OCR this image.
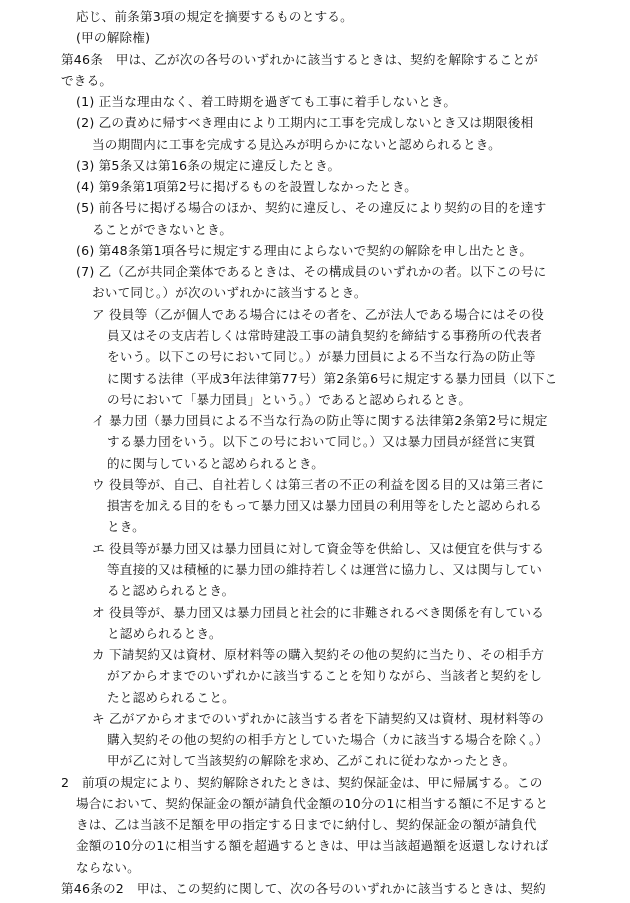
応じ、前条第3項の規定を摘要するものとする。
(甲の解除権)
第46条　甲は、乙が次の各号のいずれかに該当するときは、契約を解除することが
できる。
(1) 正当な理由なく、着工時期を過ぎても工事に着手しないとき。
(2) 乙の責めに帰すべき理由により工期内に工事を完成しないとき又は期限後相
当の期間内に工事を完成する見込みが明らかにないと認められるとき。
(3) 第5条又は第16条の規定に違反したとき。
(4) 第9条第1項第2号に掲げるものを設置しなかったとき。
(5) 前各号に掲げる場合のほか、契約に違反し、その違反により契約の目的を達す
ることができないとき。
(6) 第48条第1項各号に規定する理由によらないで契約の解除を申し出たとき。
(7) 乙（乙が共同企業体であるときは、その構成員のいずれかの者。以下この号に
おいて同じ。）が次のいずれかに該当するとき。
ア 役員等（乙が個人である場合にはその者を、乙が法人である場合にはその役
員又はその支店若しくは常時建設工事の請負契約を締結する事務所の代表者
をいう。以下この号において同じ。）が暴力団員による不当な行為の防止等
に関する法律（平成3年法律第77号）第2条第6号に規定する暴力団員（以下こ
の号において「暴力団員」という。）であると認められるとき。
イ 暴力団（暴力団員による不当な行為の防止等に関する法律第2条第2号に規定
する暴力団をいう。以下この号において同じ。）又は暴力団員が経営に実質
的に関与していると認められるとき。
ウ 役員等が、自己、自社若しくは第三者の不正の利益を図る目的又は第三者に
損害を加える目的をもって暴力団又は暴力団員の利用等をしたと認められる
とき。
エ 役員等が暴力団又は暴力団員に対して資金等を供給し、又は便宜を供与する
等直接的又は積極的に暴力団の維持若しくは運営に協力し、又は関与してい
ると認められるとき。
オ 役員等が、暴力団又は暴力団員と社会的に非難されるべき関係を有している
と認められるとき。
カ 下請契約又は資材、原材料等の購入契約その他の契約に当たり、その相手方
がアからオまでのいずれかに該当することを知りながら、当該者と契約をし
たと認められること。
キ 乙がアからオまでのいずれかに該当する者を下請契約又は資材、現材料等の
購入契約その他の契約の相手方としていた場合（カに該当する場合を除く。）
甲が乙に対して当該契約の解除を求め、乙がこれに従わなかったとき。
2　前項の規定により、契約解除されたときは、契約保証金は、甲に帰属する。この
場合において、契約保証金の額が請負代金額の10分の1に相当する額に不足すると
きは、乙は当該不足額を甲の指定する日までに納付し、契約保証金の額が請負代
金額の10分の1に相当する額を超過するときは、甲は当該超過額を返還しなければ
ならない。
第46条の2　甲は、この契約に関して、次の各号のいずれかに該当するときは、契約
